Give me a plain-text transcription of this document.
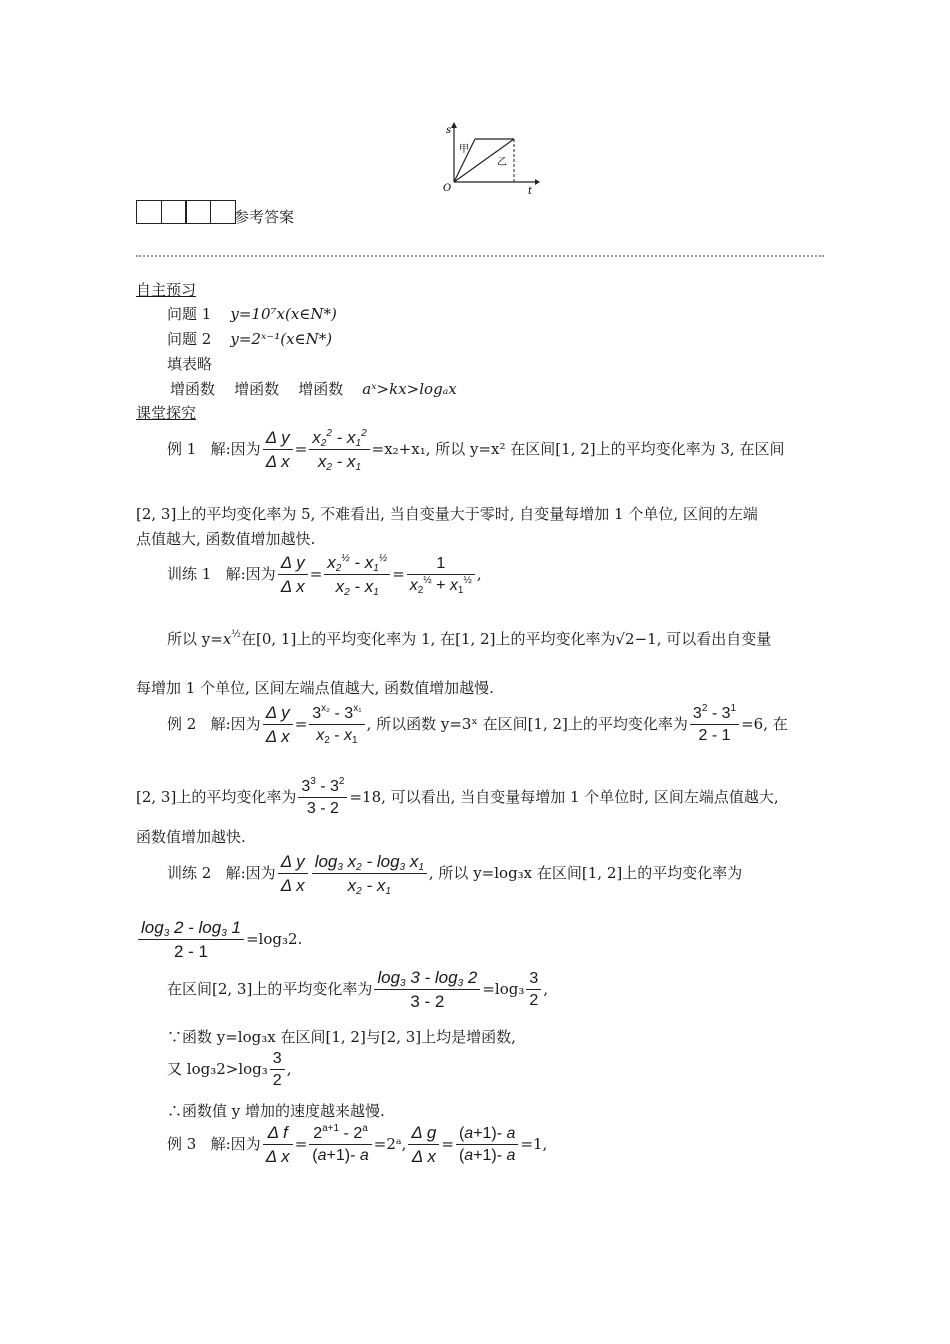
s
t
O
甲
乙
参考答案
自主预习
问题 1 y=10⁷x(x∈N*)
问题 2 y=2ˣ⁻¹(x∈N*)
填表略
增函数 增函数 增函数 aˣ>kx>logₐx
课堂探究
例 1 解:因为 $\frac{\text{Δ y}}{\text{Δ x}} = \frac{x_2^2 - x_1^2}{x_2 - x_1} =x_2+x_1$, 所以 y=x² 在区间[1, 2]上的平均变化率为 3, 在区间
[2, 3]上的平均变化率为 5, 不难看出, 当自变量大于零时, 自变量每增加 1 个单位, 区间的左端
点值越大, 函数值增加越快.
训练 1 解:因为 $\frac{\text{Δ y}}{\text{Δ x}} = \frac{x_2^{\frac{1}{2}} - x_1^{\frac{1}{2}}}{x_2 - x_1} = \frac{1}{x_2^{\frac{1}{2}} + x_1^{\frac{1}{2}}}$ ,
所以 $y=x^{\frac{1}{2}}$在[0, 1]上的平均变化率为 1, 在[1, 2]上的平均变化率为√2−1, 可以看出自变量
每增加 1 个单位, 区间左端点值越大, 函数值增加越慢.
例 2 解:因为 $\frac{\text{Δ y}}{\text{Δ x}} = \frac{3^{x_2} - 3^{x_1}}{x_2 - x_1}$ , 所以函数 y=3ˣ 在区间[1, 2]上的平均变化率为 $\frac{3^2 - 3^1}{2 - 1} =6$, 在
[2, 3]上的平均变化率为 $\frac{3^3 - 3^2}{3 - 2} =18$, 可以看出, 当自变量每增加 1 个单位时, 区间左端点值越大,
函数值增加越快.
训练 2 解:因为 $\frac{\text{Δ y}}{\text{Δ x}} \frac{\log_3 x_2 - \log_3 x_1}{x_2 - x_1}$ , 所以 y=log₃x 在区间[1, 2]上的平均变化率为
$\frac{\log_3 2 - \log_3 1}{2 - 1} =\log_32$.
在区间[2, 3]上的平均变化率为 $\frac{\log_3 3 - \log_3 2}{3 - 2} =\log_3 \frac{3}{2}$ ,
∵函数 y=log₃x 在区间[1, 2]与[2, 3]上均是增函数,
又 $\log_32>\log_3 \frac{3}{2}$ ,
∴函数值 y 增加的速度越来越慢.
例 3 解:因为 $\frac{\text{Δ f}}{\text{Δ x}} = \frac{2^{a+1} - 2^a}{(a+1)- a}$ =2ᵃ, $\frac{\text{Δ g}}{\text{Δ x}} = \frac{(a+1)- a}{(a+1)- a} =1$,
